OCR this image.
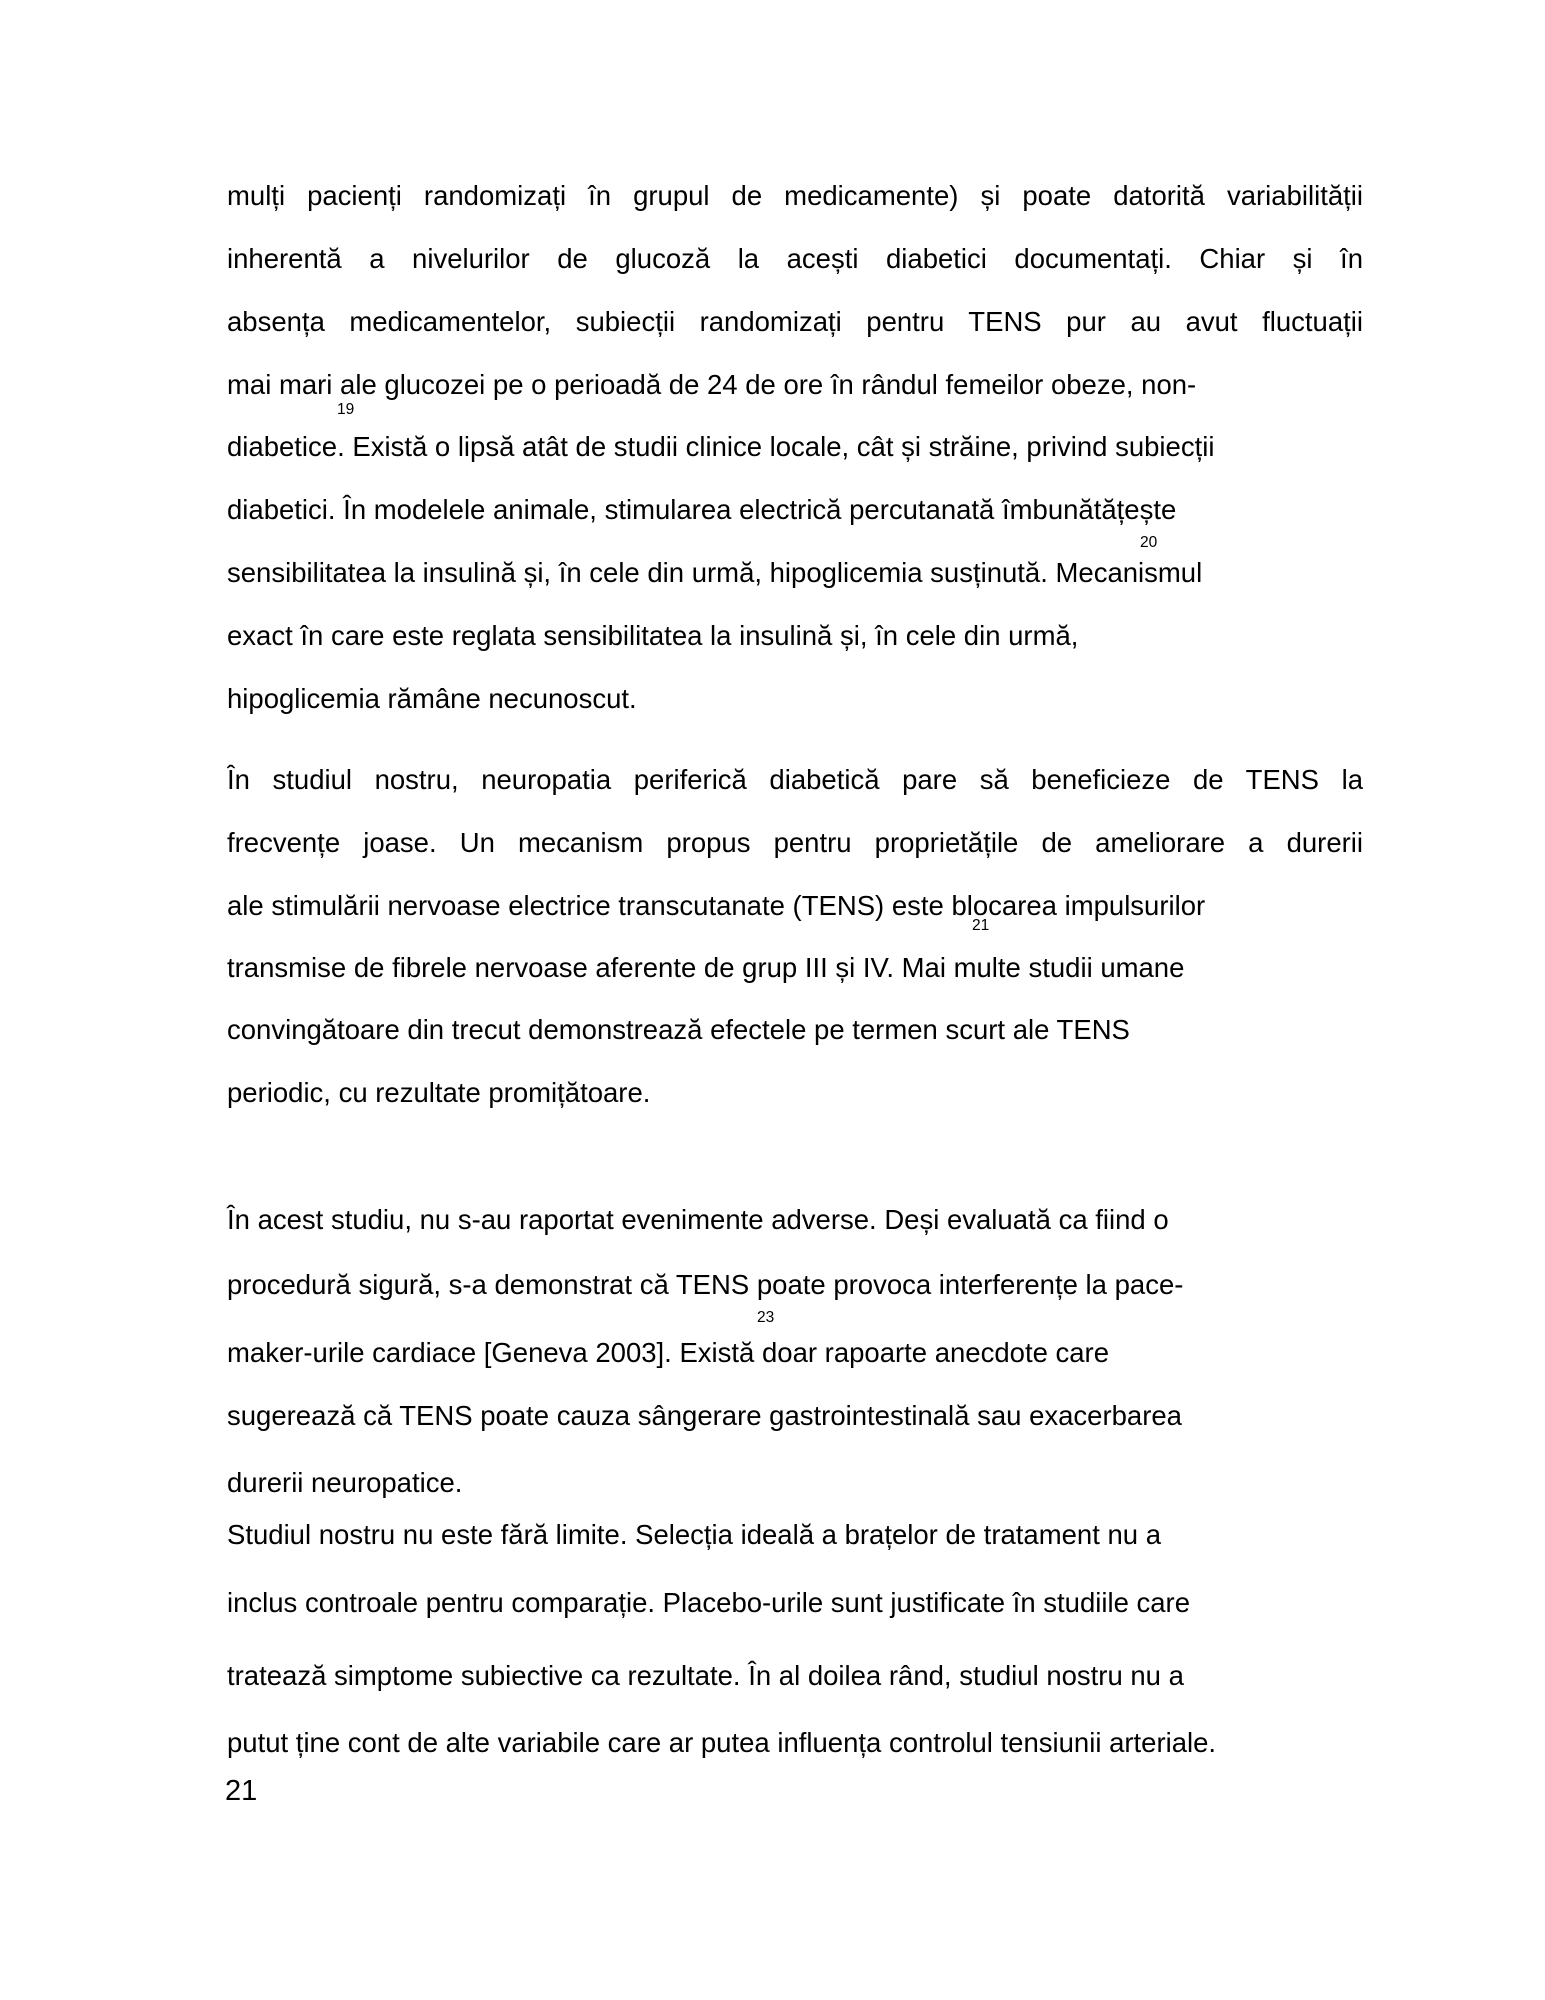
mulți pacienți randomizați în grupul de medicamente) și poate datorită variabilității
inherentă a nivelurilor de glucoză la acești diabetici documentați. Chiar și în
absența medicamentelor, subiecții randomizați pentru TENS pur au avut fluctuații
mai mari ale glucozei pe o perioadă de 24 de ore în rândul femeilor obeze, non-
19
diabetice. Există o lipsă atât de studii clinice locale, cât și străine, privind subiecții
diabetici. În modelele animale, stimularea electrică percutanată îmbunătățește
20
sensibilitatea la insulină și, în cele din urmă, hipoglicemia susținută. Mecanismul
exact în care este reglata sensibilitatea la insulină și, în cele din urmă,
hipoglicemia rămâne necunoscut.
În studiul nostru, neuropatia periferică diabetică pare să beneficieze de TENS la
frecvențe joase. Un mecanism propus pentru proprietățile de ameliorare a durerii
ale stimulării nervoase electrice transcutanate (TENS) este blocarea impulsurilor
21
transmise de fibrele nervoase aferente de grup III și IV. Mai multe studii umane
convingătoare din trecut demonstrează efectele pe termen scurt ale TENS
periodic, cu rezultate promițătoare.
În acest studiu, nu s-au raportat evenimente adverse. Deși evaluată ca fiind o
procedură sigură, s-a demonstrat că TENS poate provoca interferențe la pace-
23
maker-urile cardiace [Geneva 2003]. Există doar rapoarte anecdote care
sugerează că TENS poate cauza sângerare gastrointestinală sau exacerbarea
durerii neuropatice.
Studiul nostru nu este fără limite. Selecția ideală a brațelor de tratament nu a
inclus controale pentru comparație. Placebo-urile sunt justificate în studiile care
tratează simptome subiective ca rezultate. În al doilea rând, studiul nostru nu a
putut ține cont de alte variabile care ar putea influența controlul tensiunii arteriale.
21
